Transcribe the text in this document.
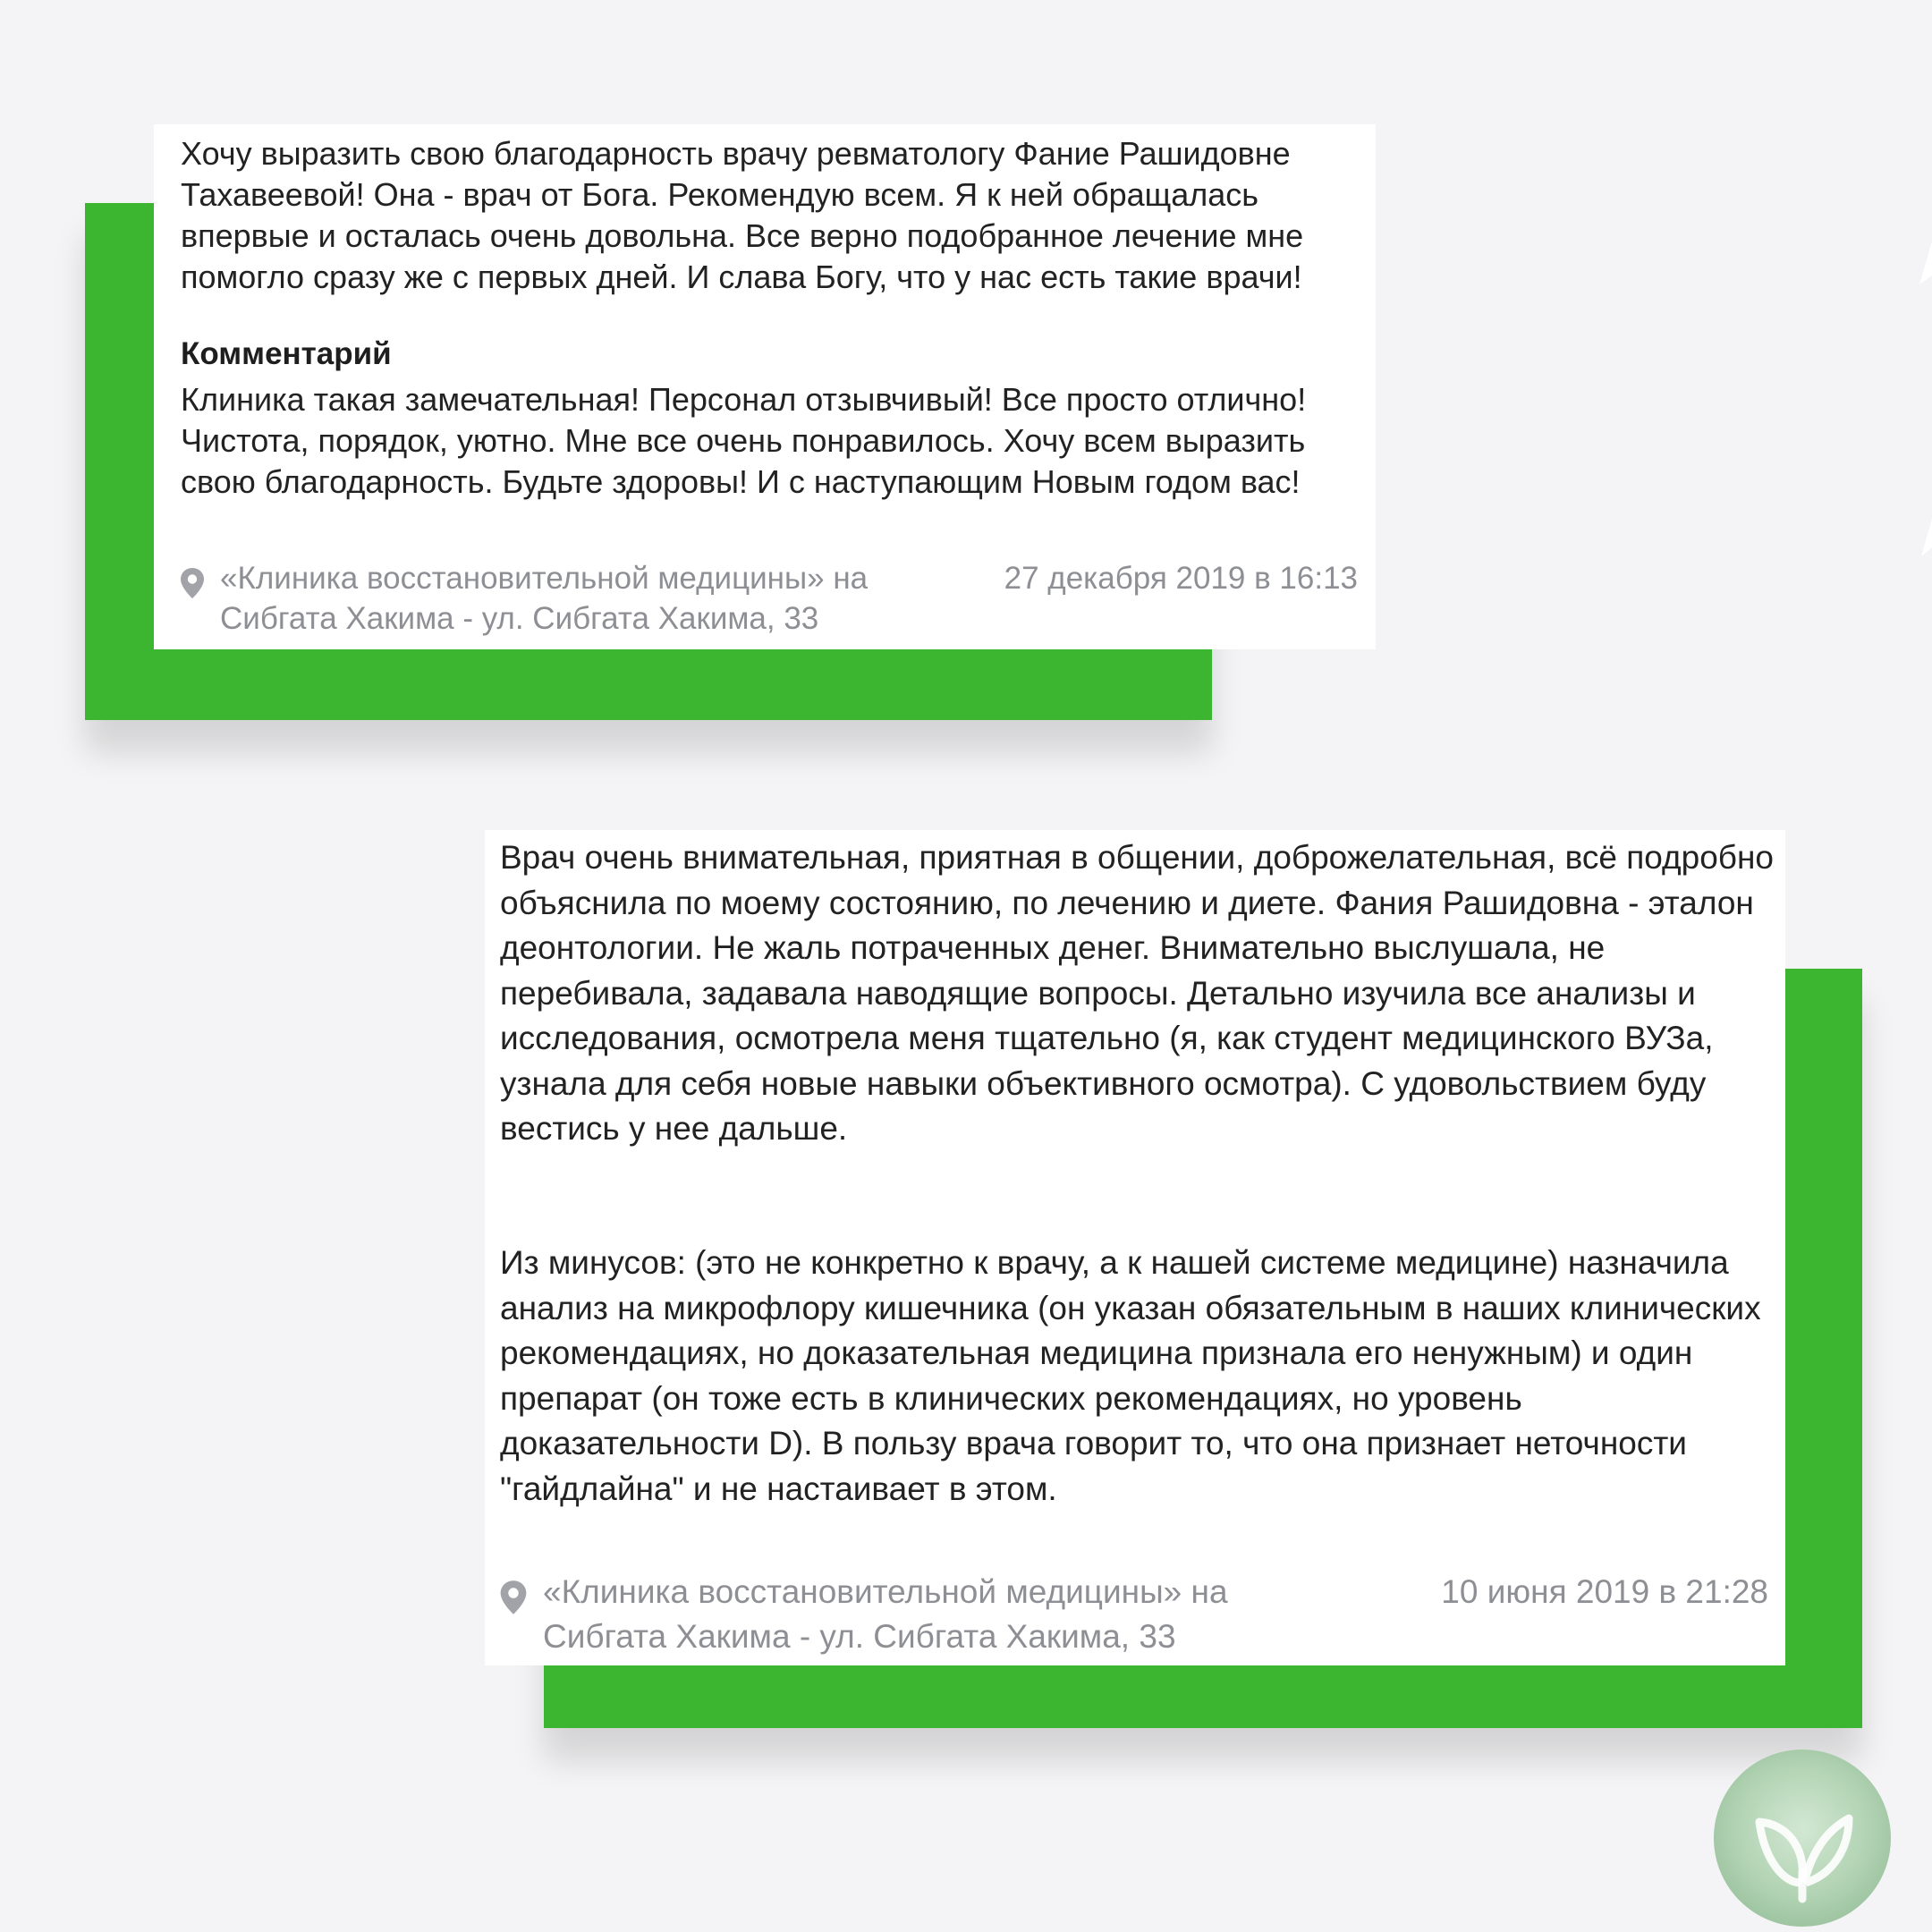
Хочу выразить свою благодарность врачу ревматологу Фание Рашидовне Тахавеевой! Она - врач от Бога. Рекомендую всем. Я к ней обращалась впервые и осталась очень довольна. Все верно подобранное лечение мне помогло сразу же с первых дней. И слава Богу, что у нас есть такие врачи!

Комментарий

Клиника такая замечательная! Персонал отзывчивый! Все просто отлично! Чистота, порядок, уютно. Мне все очень понравилось. Хочу всем выразить свою благодарность. Будьте здоровы! И с наступающим Новым годом вас!

«Клиника восстановительной медицины» на Сибгата Хакима - ул. Сибгата Хакима, 33
27 декабря 2019 в 16:13

Врач очень внимательная, приятная в общении, доброжелательная, всё подробно объяснила по моему состоянию, по лечению и диете. Фания Рашидовна - эталон деонтологии. Не жаль потраченных денег. Внимательно выслушала, не перебивала, задавала наводящие вопросы. Детально изучила все анализы и исследования, осмотрела меня тщательно (я, как студент медицинского ВУЗа, узнала для себя новые навыки объективного осмотра). С удовольствием буду вестись у нее дальше.

Из минусов: (это не конкретно к врачу, а к нашей системе медицине) назначила анализ на микрофлору кишечника (он указан обязательным в наших клинических рекомендациях, но доказательная медицина признала его ненужным) и один препарат (он тоже есть в клинических рекомендациях, но уровень доказательности D). В пользу врача говорит то, что она признает неточности "гайдлайна" и не настаивает в этом.

«Клиника восстановительной медицины» на Сибгата Хакима - ул. Сибгата Хакима, 33
10 июня 2019 в 21:28
